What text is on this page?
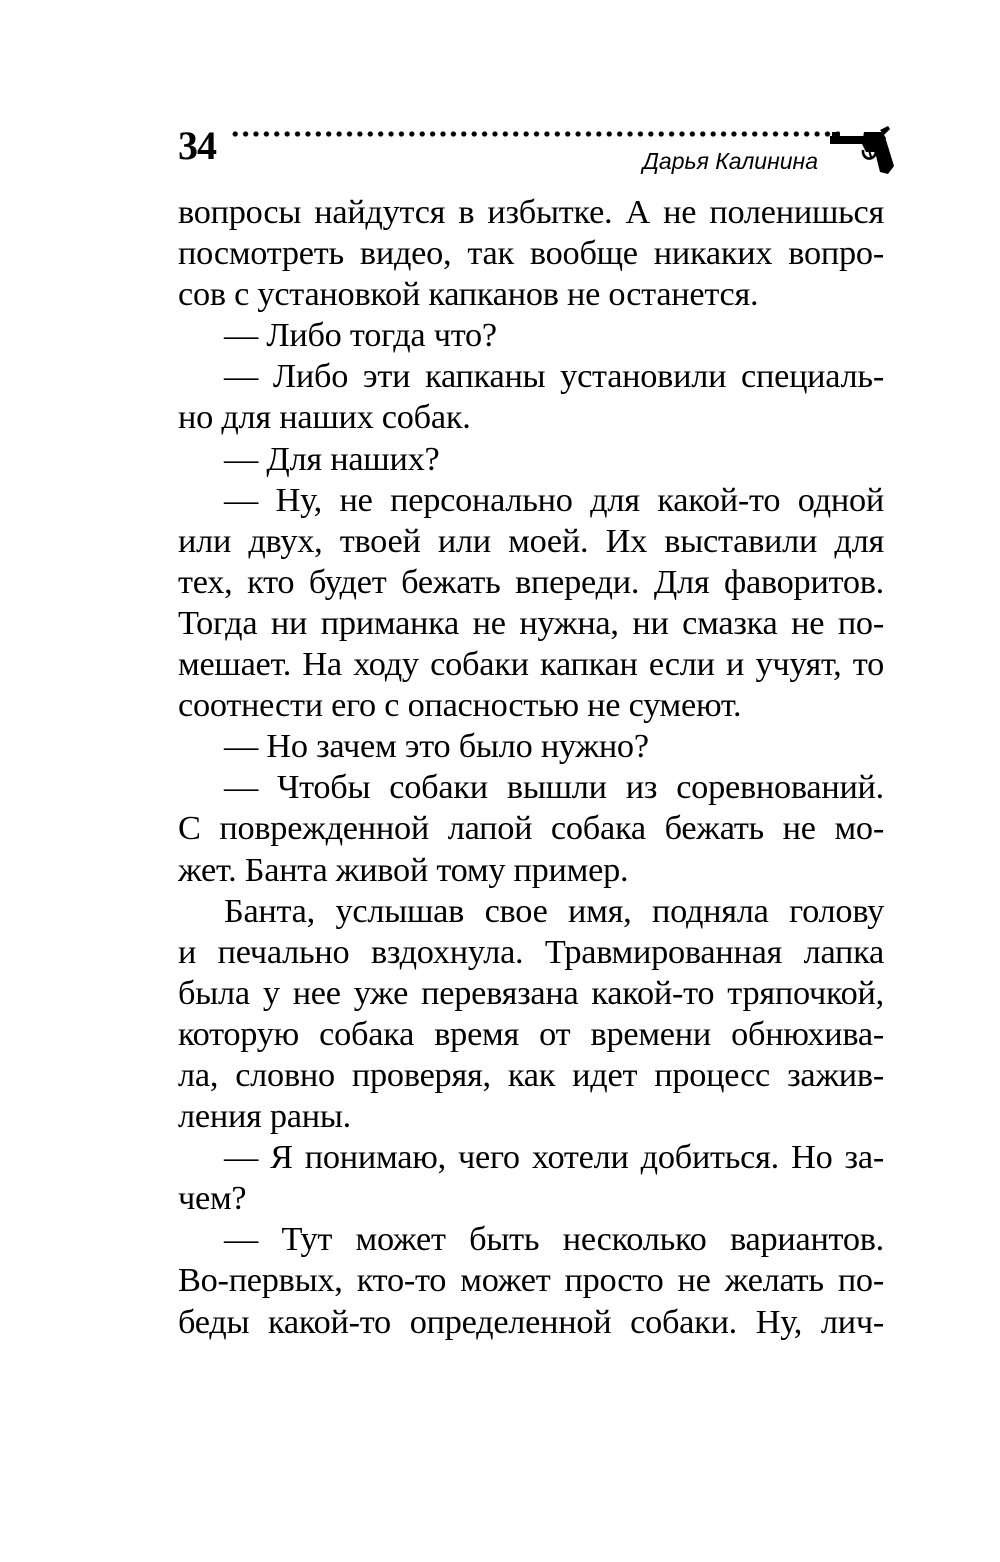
34	Дарья Калинина
вопросы найдутся в избытке. А не поленишься
посмотреть видео, так вообще никаких вопро-
сов с установкой капканов не останется.
— Либо тогда что?
— Либо эти капканы установили специаль-
но для наших собак.
— Для наших?
— Ну, не персонально для какой-то одной
или двух, твоей или моей. Их выставили для
тех, кто будет бежать впереди. Для фаворитов.
Тогда ни приманка не нужна, ни смазка не по-
мешает. На ходу собаки капкан если и учуят, то
соотнести его с опасностью не сумеют.
— Но зачем это было нужно?
— Чтобы собаки вышли из соревнований.
С поврежденной лапой собака бежать не мо-
жет. Банта живой тому пример.
Банта, услышав свое имя, подняла голову
и печально вздохнула. Травмированная лапка
была у нее уже перевязана какой-то тряпочкой,
которую собака время от времени обнюхива-
ла, словно проверяя, как идет процесс зажив-
ления раны.
— Я понимаю, чего хотели добиться. Но за-
чем?
— Тут может быть несколько вариантов.
Во-первых, кто-то может просто не желать по-
беды какой-то определенной собаки. Ну, лич-
